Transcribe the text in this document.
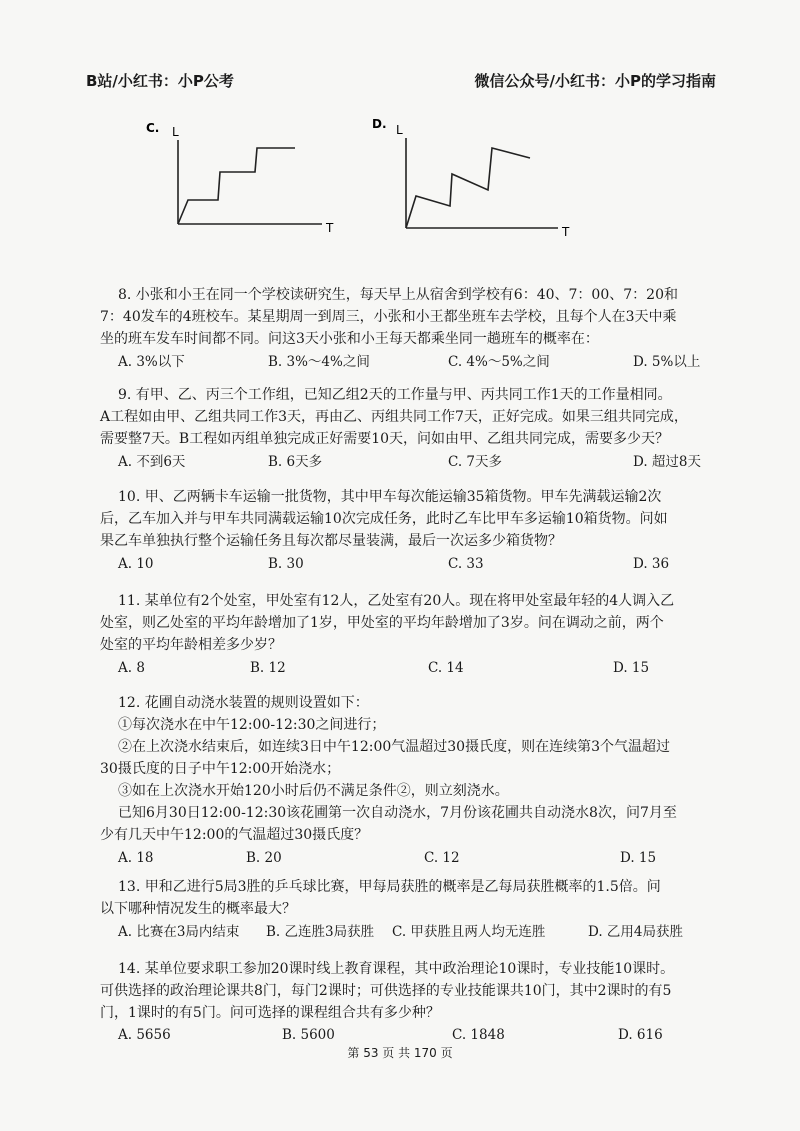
B站/小红书：小P公考	微信公众号/小红书：小P的学习指南
C. L
T
D. L
T

8. 小张和小王在同一个学校读研究生，每天早上从宿舍到学校有6：40、7：00、7：20和

7：40发车的4班校车。某星期周一到周三，小张和小王都坐班车去学校，且每个人在3天中乘

坐的班车发车时间都不同。问这3天小张和小王每天都乘坐同一趟班车的概率在：

A. 3%以下	B. 3%～4%之间	C. 4%～5%之间	D. 5%以上

9. 有甲、乙、丙三个工作组，已知乙组2天的工作量与甲、丙共同工作1天的工作量相同。

A工程如由甲、乙组共同工作3天，再由乙、丙组共同工作7天，正好完成。如果三组共同完成，

需要整7天。B工程如丙组单独完成正好需要10天，问如由甲、乙组共同完成，需要多少天？

A. 不到6天	B. 6天多	C. 7天多	D. 超过8天

10. 甲、乙两辆卡车运输一批货物，其中甲车每次能运输35箱货物。甲车先满载运输2次

后，乙车加入并与甲车共同满载运输10次完成任务，此时乙车比甲车多运输10箱货物。问如

果乙车单独执行整个运输任务且每次都尽量装满，最后一次运多少箱货物？

A. 10	B. 30	C. 33	D. 36

11. 某单位有2个处室，甲处室有12人，乙处室有20人。现在将甲处室最年轻的4人调入乙

处室，则乙处室的平均年龄增加了1岁，甲处室的平均年龄增加了3岁。问在调动之前，两个

处室的平均年龄相差多少岁？

A. 8	B. 12	C. 14	D. 15

12. 花圃自动浇水装置的规则设置如下：

①每次浇水在中午12:00-12:30之间进行；

②在上次浇水结束后，如连续3日中午12:00气温超过30摄氏度，则在连续第3个气温超过

30摄氏度的日子中午12:00开始浇水；

③如在上次浇水开始120小时后仍不满足条件②，则立刻浇水。

已知6月30日12:00-12:30该花圃第一次自动浇水，7月份该花圃共自动浇水8次，问7月至

少有几天中午12:00的气温超过30摄氏度？

A. 18	B. 20	C. 12	D. 15

13. 甲和乙进行5局3胜的乒乓球比赛，甲每局获胜的概率是乙每局获胜概率的1.5倍。问

以下哪种情况发生的概率最大？

A. 比赛在3局内结束	B. 乙连胜3局获胜	C. 甲获胜且两人均无连胜	D. 乙用4局获胜

14. 某单位要求职工参加20课时线上教育课程，其中政治理论10课时，专业技能10课时。

可供选择的政治理论课共8门，每门2课时；可供选择的专业技能课共10门，其中2课时的有5

门，1课时的有5门。问可选择的课程组合共有多少种？

A. 5656	B. 5600	C. 1848	D. 616
第 53 页 共 170 页
